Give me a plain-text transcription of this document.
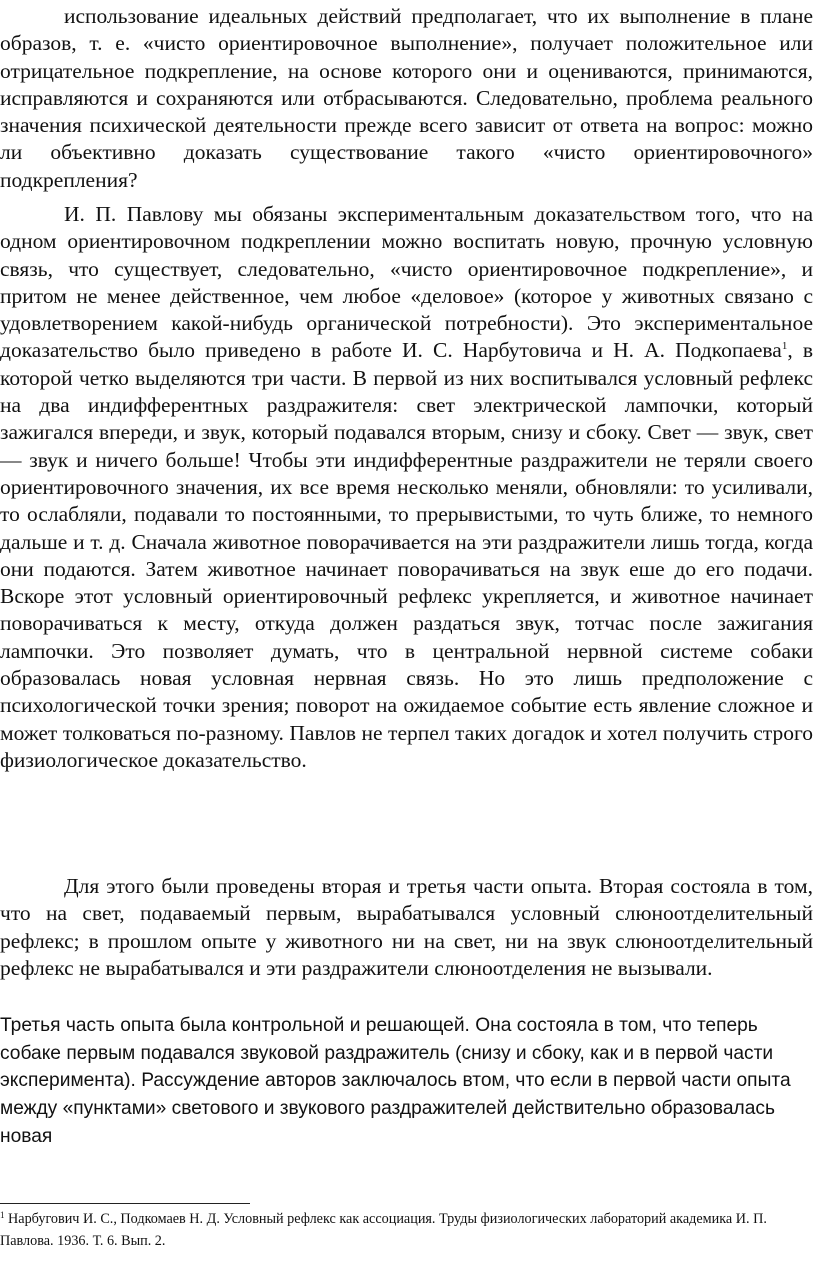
использование идеальных действий предполагает, что их выполнение в плане образов, т. е. «чисто ориентировочное выполнение», получает положительное или отрицательное подкрепление, на основе которого они и оцениваются, принимаются, исправляются и сохраняются или отбрасываются. Следовательно, проблема реального значения психической деятельности прежде всего зависит от ответа на вопрос: можно ли объективно доказать существование такого «чисто ориентировочного» подкрепления?

И. П. Павлову мы обязаны экспериментальным доказательством того, что на одном ориентировочном подкреплении можно воспитать новую, прочную условную связь, что существует, следовательно, «чисто ориентировочное подкрепление», и притом не менее действенное, чем любое «деловое» (которое у животных связано с удовлетворением какой-нибудь органической потребности). Это экспериментальное доказательство было приведено в работе И. С. Нарбутовича и Н. А. Подкопаева$^1$, в которой четко выделяются три части. В первой из них воспитывался условный рефлекс на два индифферентных раздражителя: свет электрической лампочки, который зажигался впереди, и звук, который подавался вторым, снизу и сбоку. Свет — звук, свет — звук и ничего больше! Чтобы эти индифферентные раздражители не теряли своего ориентировочного значения, их все время несколько меняли, обновляли: то усиливали, то ослабляли, подавали то постоянными, то прерывистыми, то чуть ближе, то немного дальше и т. д. Сначала животное поворачивается на эти раздражители лишь тогда, когда они подаются. Затем животное начинает поворачиваться на звук еше до его подачи. Вскоре этот условный ориентировочный рефлекс укрепляется, и животное начинает поворачиваться к месту, откуда должен раздаться звук, тотчас после зажигания лампочки. Это позволяет думать, что в центральной нервной системе собаки образовалась новая условная нервная связь. Но это лишь предположение с психологической точки зрения; поворот на ожидаемое событие есть явление сложное и может толковаться по-разному. Павлов не терпел таких догадок и хотел получить строго физиологическое доказательство.

Для этого были проведены вторая и третья части опыта. Вторая состояла в том, что на свет, подаваемый первым, вырабатывался условный слюноотделительный рефлекс; в прошлом опыте у животного ни на свет, ни на звук слюноотделительный рефлекс не вырабатывался и эти раздражители слюноотделения не вызывали.

Третья часть опыта была контрольной и решающей. Она состояла в том, что теперь собаке первым подавался звуковой раздражитель (снизу и сбоку, как и в первой части эксперимента). Рассуждение авторов заключалось втом, что если в первой части опыта между «пунктами» светового и звукового раздражителей действительно образовалась новая

$^1$ Нарбугович И. С., Подкомаев Н. Д. Условный рефлекс как ассоциация. Труды физиологических лабораторий академика И. П. Павлова. 1936. Т. 6. Вып. 2.
